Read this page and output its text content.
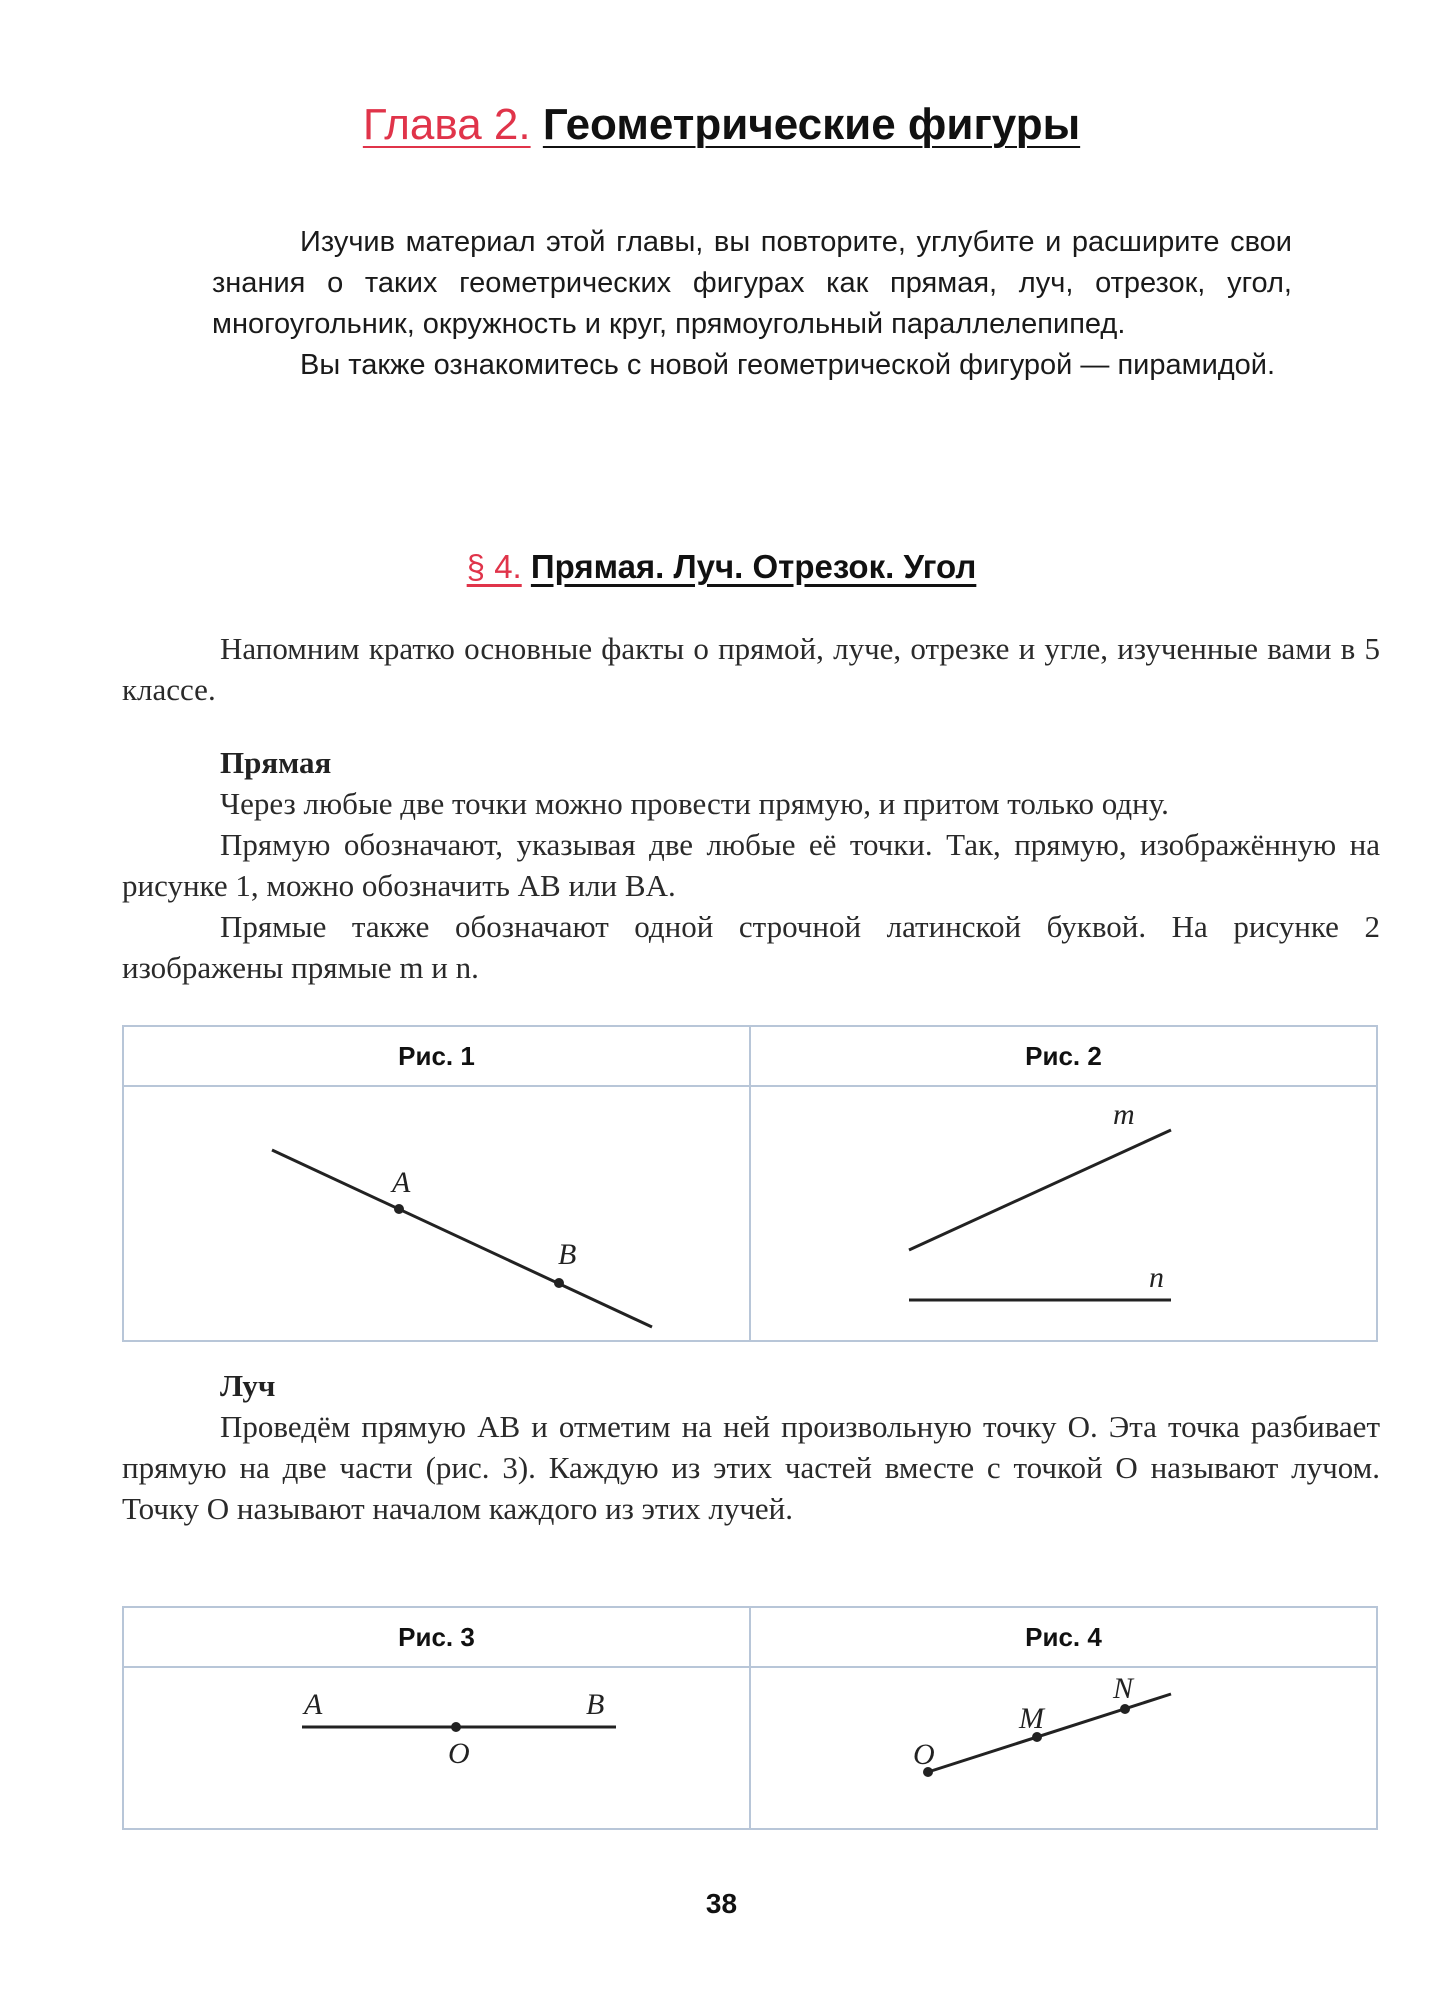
Глава 2. Геометрические фигуры

Изучив материал этой главы, вы повторите, углубите и расширите свои знания о таких геометрических фигурах как прямая, луч, отрезок, угол, многоугольник, окружность и круг, прямоугольный параллелепипед.

Вы также ознакомитесь с новой геометрической фигурой — пирамидой.

§ 4. Прямая. Луч. Отрезок. Угол

Напомним кратко основные факты о прямой, луче, отрезке и угле, изученные вами в 5 классе.

Прямая

Через любые две точки можно провести прямую, и притом только одну.

Прямую обозначают, указывая две любые её точки. Так, прямую, изображённую на рисунке 1, можно обозначить AB или BA.

Прямые также обозначают одной строчной латинской буквой. На рисунке 2 изображены прямые m и n.

Рис. 1	Рис. 2
A
B
m
n
Луч

Проведём прямую AB и отметим на ней произвольную точку O. Эта точка разбивает прямую на две части (рис. 3). Каждую из этих частей вместе с точкой O называют лучом. Точку O называют началом каждого из этих лучей.

Рис. 3	Рис. 4
A	B
O	O
M
N
38
